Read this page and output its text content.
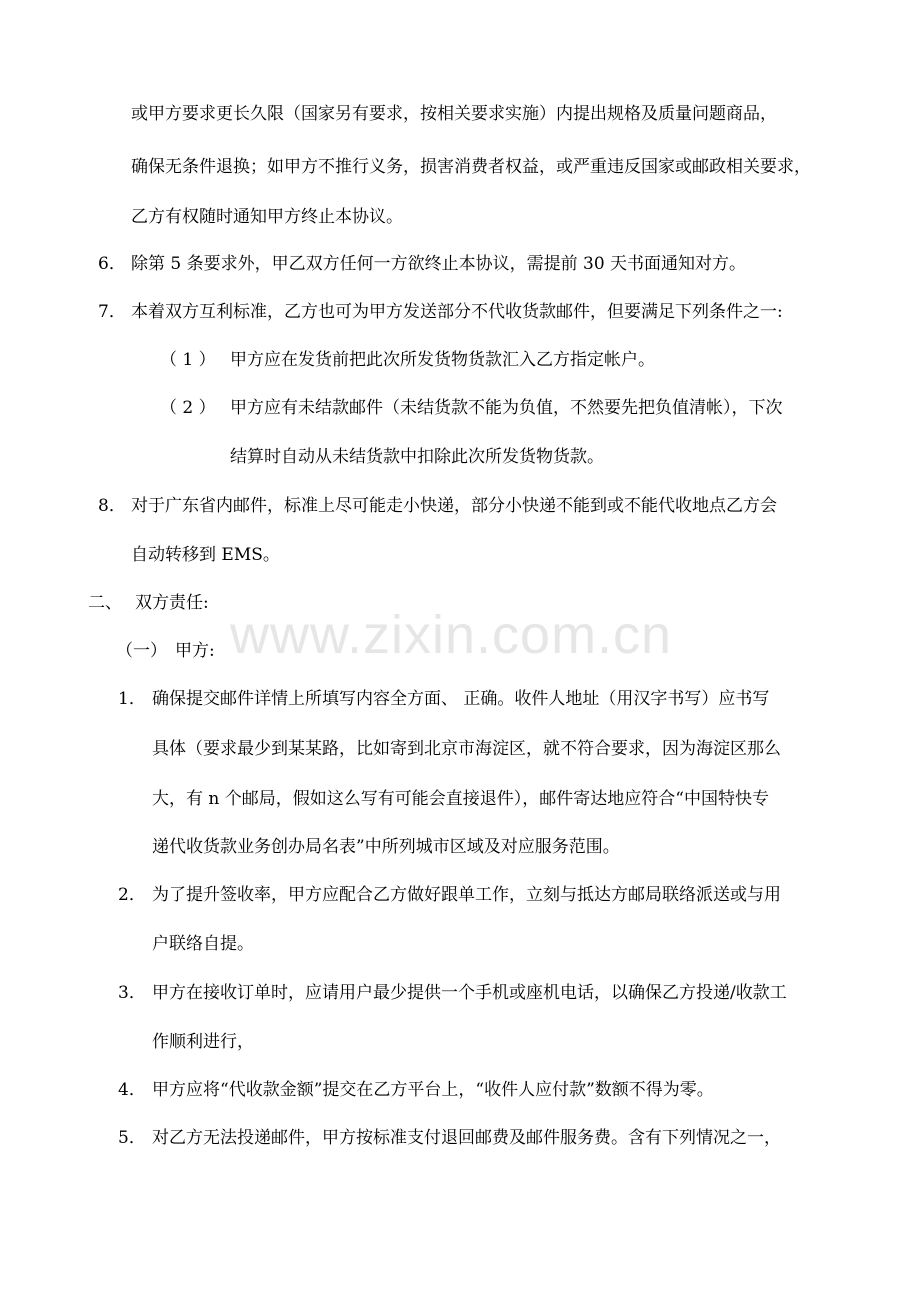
www.zixin.com.cn
或甲方要求更长久限（国家另有要求，按相关要求实施）内提出规格及质量问题商品，
确保无条件退换；如甲方不推行义务，损害消费者权益，或严重违反国家或邮政相关要求，
乙方有权随时通知甲方终止本协议。
6． 除第 5 条要求外，甲乙双方任何一方欲终止本协议，需提前 30 天书面通知对方。
7． 本着双方互利标准，乙方也可为甲方发送部分不代收货款邮件，但要满足下列条件之一:
（ 1 ） 甲方应在发货前把此次所发货物货款汇入乙方指定帐户。
（ 2 ） 甲方应有未结款邮件（未结货款不能为负值，不然要先把负值清帐），下次
结算时自动从未结货款中扣除此次所发货物货款。
8． 对于广东省内邮件，标准上尽可能走小快递，部分小快递不能到或不能代收地点乙方会
自动转移到 EMS。
二、 双方责任:
（一） 甲方:
1． 确保提交邮件详情上所填写内容全方面、 正确。收件人地址（用汉字书写）应书写
具体（要求最少到某某路，比如寄到北京市海淀区，就不符合要求，因为海淀区那么
大，有 n 个邮局，假如这么写有可能会直接退件），邮件寄达地应符合“中国特快专
递代收货款业务创办局名表”中所列城市区域及对应服务范围。
2． 为了提升签收率，甲方应配合乙方做好跟单工作，立刻与抵达方邮局联络派送或与用
户联络自提。
3． 甲方在接收订单时，应请用户最少提供一个手机或座机电话，以确保乙方投递/收款工
作顺利进行，
4． 甲方应将“代收款金额”提交在乙方平台上，“收件人应付款”数额不得为零。
5． 对乙方无法投递邮件，甲方按标准支付退回邮费及邮件服务费。含有下列情况之一，
